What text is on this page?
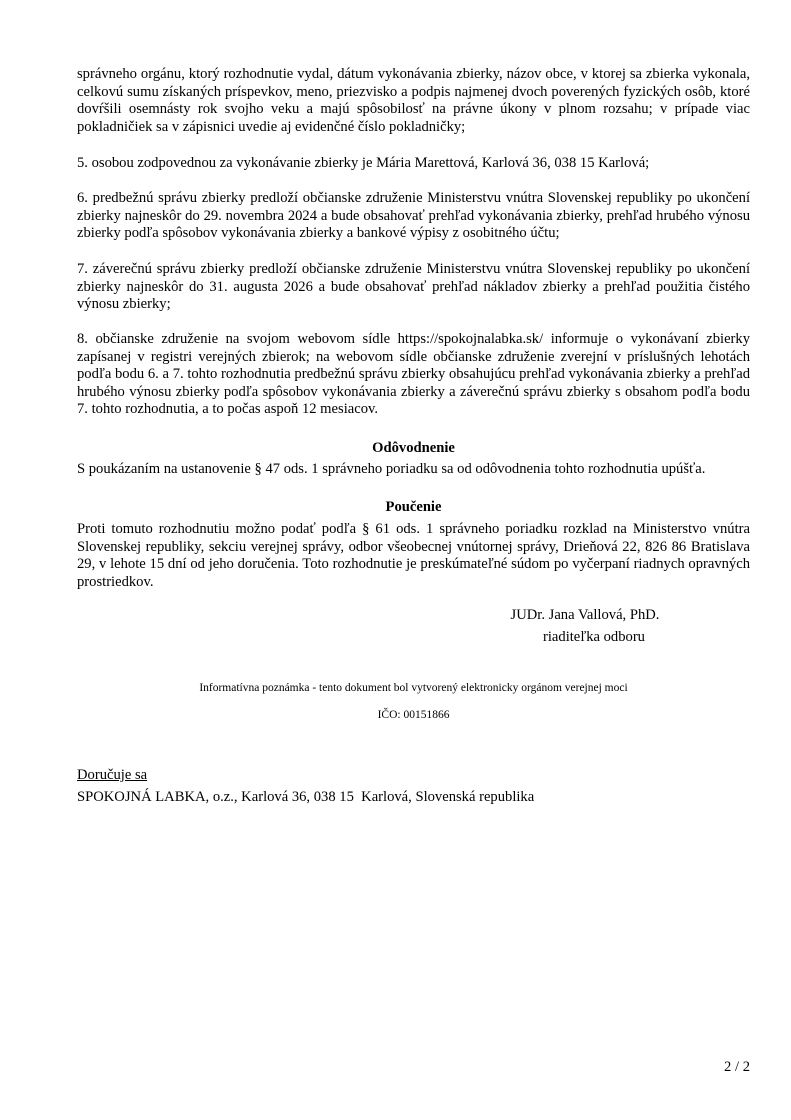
správneho orgánu, ktorý rozhodnutie vydal, dátum vykonávania zbierky, názov obce, v ktorej sa zbierka vykonala, celkovú sumu získaných príspevkov, meno, priezvisko a podpis najmenej dvoch poverených fyzických osôb, ktoré dovŕšili osemnásty rok svojho veku a majú spôsobilosť na právne úkony v plnom rozsahu; v prípade viac pokladničiek sa v zápisnici uvedie aj evidenčné číslo pokladničky;

5. osobou zodpovednou za vykonávanie zbierky je Mária Marettová, Karlová 36, 038 15 Karlová;

6. predbežnú správu zbierky predloží občianske združenie Ministerstvu vnútra Slovenskej republiky po ukončení zbierky najneskôr do 29. novembra 2024 a bude obsahovať prehľad vykonávania zbierky, prehľad hrubého výnosu zbierky podľa spôsobov vykonávania zbierky a bankové výpisy z osobitného účtu;

7. záverečnú správu zbierky predloží občianske združenie Ministerstvu vnútra Slovenskej republiky po ukončení zbierky najneskôr do 31. augusta 2026 a bude obsahovať prehľad nákladov zbierky a prehľad použitia čistého výnosu zbierky;

8. občianske združenie na svojom webovom sídle https://spokojnalabka.sk/ informuje o vykonávaní zbierky zapísanej v registri verejných zbierok; na webovom sídle občianske združenie zverejní v príslušných lehotách podľa bodu 6. a 7. tohto rozhodnutia predbežnú správu zbierky obsahujúcu prehľad vykonávania zbierky a prehľad hrubého výnosu zbierky podľa spôsobov vykonávania zbierky a záverečnú správu zbierky s obsahom podľa bodu 7. tohto rozhodnutia, a to počas aspoň 12 mesiacov.

Odôvodnenie

S poukázaním na ustanovenie § 47 ods. 1 správneho poriadku sa od odôvodnenia tohto rozhodnutia upúšťa.

Poučenie

Proti tomuto rozhodnutiu možno podať podľa § 61 ods. 1 správneho poriadku rozklad na Ministerstvo vnútra Slovenskej republiky, sekciu verejnej správy, odbor všeobecnej vnútornej správy, Drieňová 22, 826 86 Bratislava 29, v lehote 15 dní od jeho doručenia. Toto rozhodnutie je preskúmateľné súdom po vyčerpaní riadnych opravných prostriedkov.

JUDr. Jana Vallová, PhD.
riaditeľka odboru
Informatívna poznámka - tento dokument bol vytvorený elektronicky orgánom verejnej moci
IČO: 00151866
Doručuje sa
SPOKOJNÁ LABKA, o.z., Karlová 36, 038 15  Karlová, Slovenská republika
2 / 2
